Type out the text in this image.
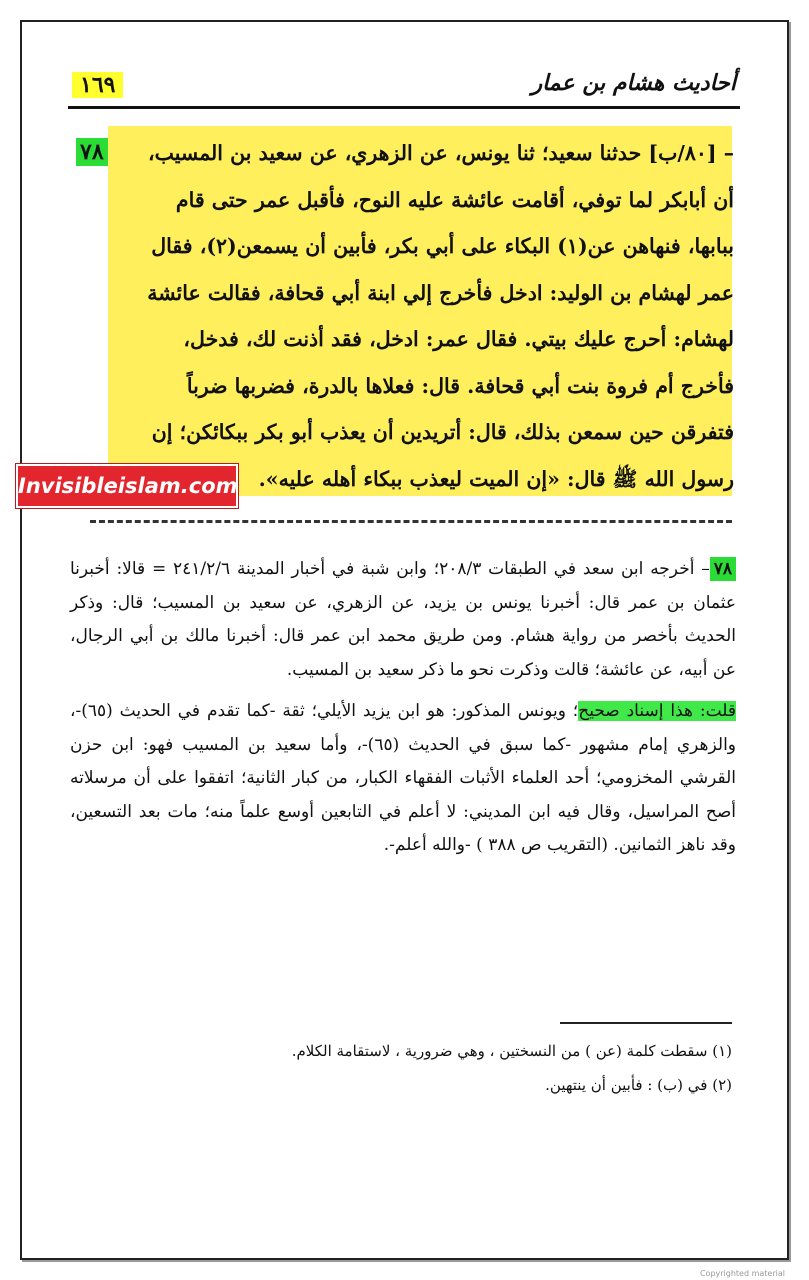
أحاديث هشام بن عمار
١٦٩
٧٨	– [٨٠/ب] حدثنا سعيد؛ ثنا يونس، عن الزهري، عن سعيد بن المسيب،
أن أبابكر لما توفي، أقامت عائشة عليه النوح، فأقبل عمر حتى قام
ببابها، فنهاهن عن(١) البكاء على أبي بكر، فأبين أن يسمعن(٢)، فقال
عمر لهشام بن الوليد: ادخل فأخرج إلي ابنة أبي قحافة، فقالت عائشة
لهشام: أحرج عليك بيتي. فقال عمر: ادخل، فقد أذنت لك، فدخل،
فأخرج أم فروة بنت أبي قحافة. قال: فعلاها بالدرة، فضربها ضرباً
فتفرقن حين سمعن بذلك، قال: أتريدين أن يعذب أبو بكر ببكائكن؛ إن
رسول الله ﷺ قال: «إن الميت ليعذب ببكاء أهله عليه».
Invisibleislam.com

٧٨– أخرجه ابن سعد في الطبقات ٢٠٨/٣؛ وابن شبة في أخبار المدينة ٢٤١/٢/٦ = قالا: أخبرنا عثمان بن عمر قال: أخبرنا يونس بن يزيد، عن الزهري، عن سعيد بن المسيب؛ قال: وذكر الحديث بأخصر من رواية هشام. ومن طريق محمد ابن عمر قال: أخبرنا مالك بن أبي الرجال، عن أبيه، عن عائشة؛ قالت وذكرت نحو ما ذكر سعيد بن المسيب.

قلت: هذا إسناد صحيح؛ ويونس المذكور: هو ابن يزيد الأيلي؛ ثقة -كما تقدم في الحديث (٦٥)-، والزهري إمام مشهور -كما سبق في الحديث (٦٥)-، وأما سعيد بن المسيب فهو: ابن حزن القرشي المخزومي؛ أحد العلماء الأثبات الفقهاء الكبار، من كبار الثانية؛ اتفقوا على أن مرسلاته أصح المراسيل، وقال فيه ابن المديني: لا أعلم في التابعين أوسع علماً منه؛ مات بعد التسعين، وقد ناهز الثمانين. (التقريب ص ٣٨٨ ) -والله أعلم-.

(١) سقطت كلمة (عن ) من النسختين ، وهي ضرورية ، لاستقامة الكلام.
(٢) في (ب) : فأبين أن ينتهين.
Copyrighted material
